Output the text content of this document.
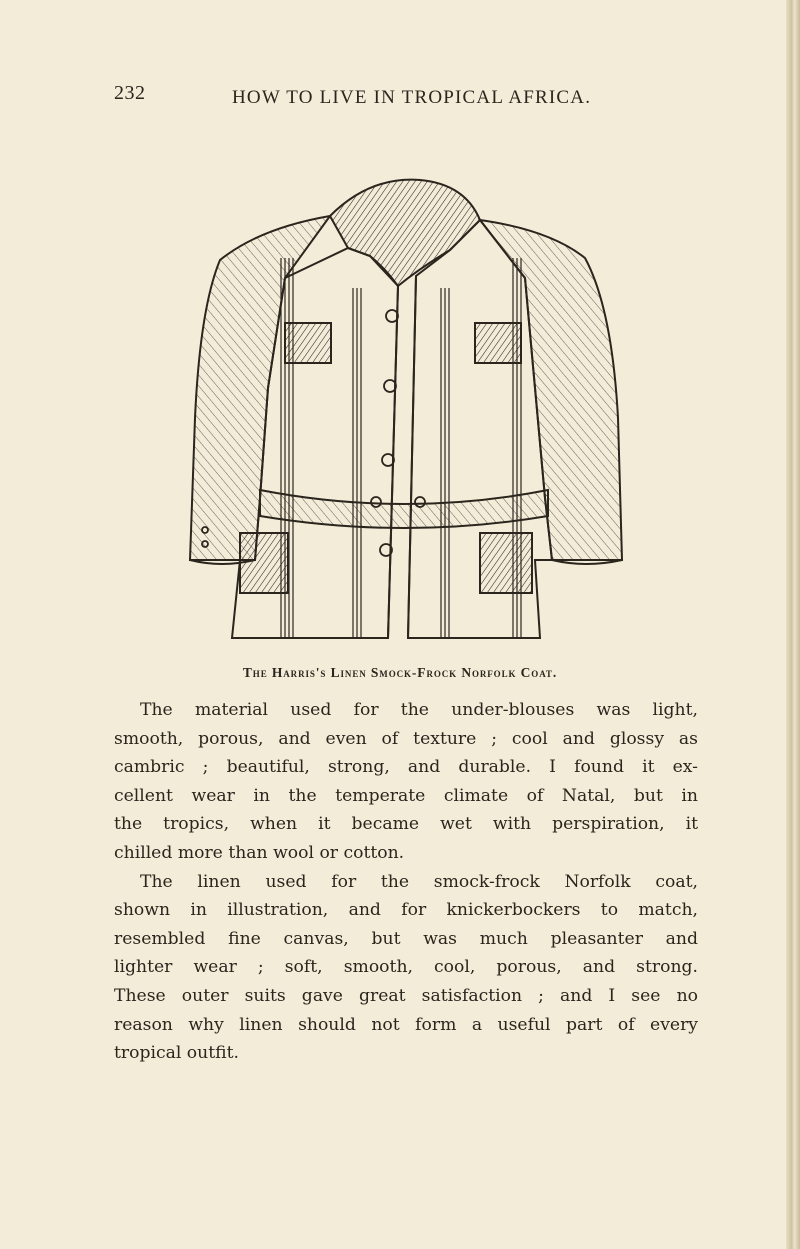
232	HOW TO LIVE IN TROPICAL AFRICA.
The Harris's Linen Smock-Frock Norfolk Coat.
The material used for the under-blouses was light,
smooth, porous, and even of texture ; cool and glossy as
cambric ; beautiful, strong, and durable. I found it ex-
cellent wear in the temperate climate of Natal, but in
the tropics, when it became wet with perspiration, it
chilled more than wool or cotton.
The linen used for the smock-frock Norfolk coat,
shown in illustration, and for knickerbockers to match,
resembled fine canvas, but was much pleasanter and
lighter wear ; soft, smooth, cool, porous, and strong.
These outer suits gave great satisfaction ; and I see no
reason why linen should not form a useful part of every
tropical outfit.
